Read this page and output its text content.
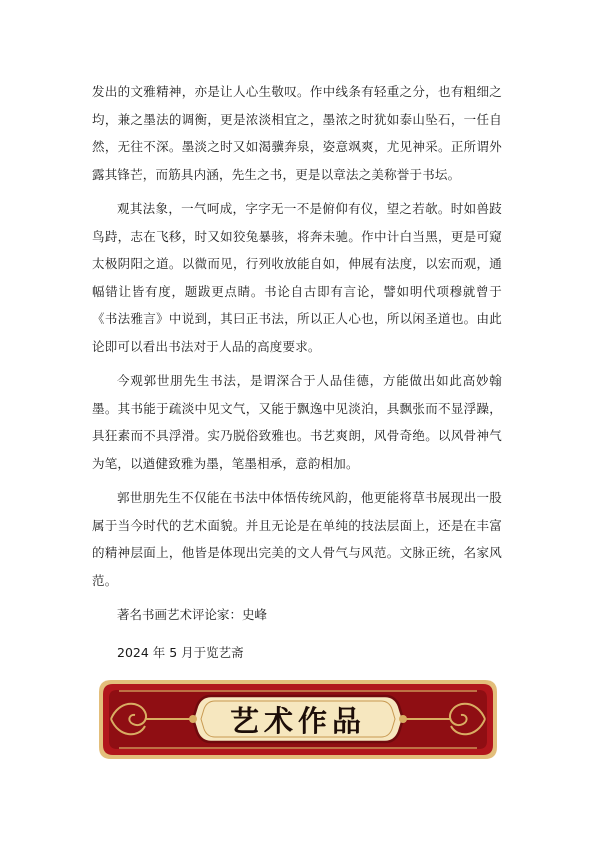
发出的文雅精神，亦是让人心生敬叹。作中线条有轻重之分，也有粗细之均，兼之墨法的调衡，更是浓淡相宜之，墨浓之时犹如泰山坠石，一任自然，无往不深。墨淡之时又如渴骥奔泉，姿意飒爽，尤见神采。正所谓外露其锋芒，而筋具内涵，先生之书，更是以章法之美称誉于书坛。

观其法象，一气呵成，字字无一不是俯仰有仪，望之若欹。时如兽跂鸟跱，志在飞移，时又如狡兔暴骇，将奔未驰。作中计白当黑，更是可窥太极阴阳之道。以微而见，行列收放能自如，伸展有法度，以宏而观，通幅错让皆有度，题跋更点睛。书论自古即有言论，譬如明代项穆就曾于《书法雅言》中说到，其曰正书法，所以正人心也，所以闲圣道也。由此论即可以看出书法对于人品的高度要求。

今观郭世朋先生书法，是谓深合于人品佳德，方能做出如此高妙翰墨。其书能于疏淡中见文气，又能于飘逸中见淡泊，具飘张而不显浮躁，具狂素而不具浮滑。实乃脱俗致雅也。书艺爽朗，风骨奇绝。以风骨神气为笔，以遒健致雅为墨，笔墨相承，意韵相加。

郭世朋先生不仅能在书法中体悟传统风韵，他更能将草书展现出一股属于当今时代的艺术面貌。并且无论是在单纯的技法层面上，还是在丰富的精神层面上，他皆是体现出完美的文人骨气与风范。文脉正统，名家风范。

著名书画艺术评论家：史峰

2024 年 5 月于览艺斋

艺术作品
